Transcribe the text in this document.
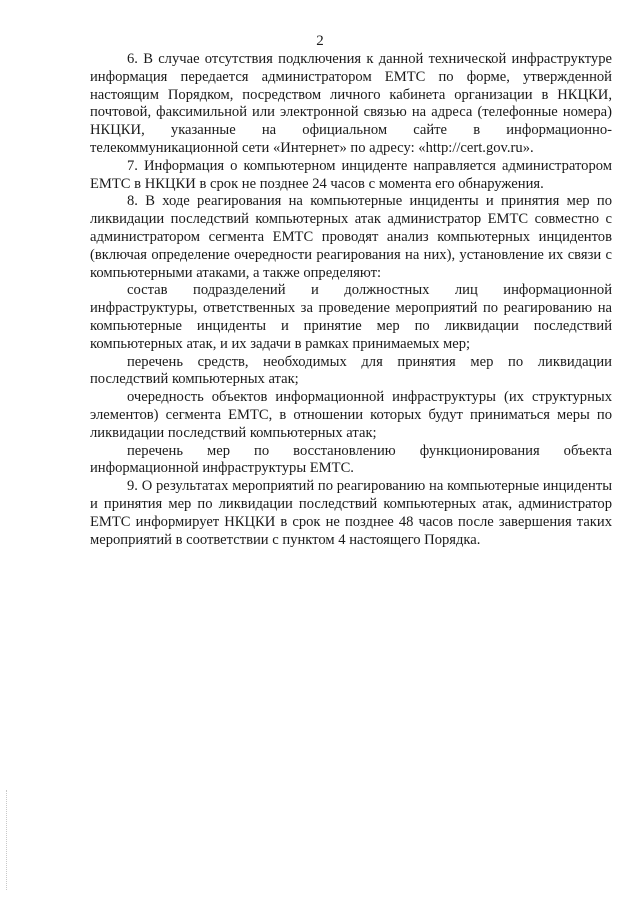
2

6. В случае отсутствия подключения к данной технической инфраструктуре информация передается администратором ЕМТС по форме, утвержденной настоящим Порядком, посредством личного кабинета организации в НКЦКИ, почтовой, факсимильной или электронной связью на адреса (телефонные номера) НКЦКИ, указанные на официальном сайте в информационно-телекоммуникационной сети «Интернет» по адресу: «http://cert.gov.ru».

7. Информация о компьютерном инциденте направляется администратором ЕМТС в НКЦКИ в срок не позднее 24 часов с момента его обнаружения.

8. В ходе реагирования на компьютерные инциденты и принятия мер по ликвидации последствий компьютерных атак администратор ЕМТС совместно с администратором сегмента ЕМТС проводят анализ компьютерных инцидентов (включая определение очередности реагирования на них), установление их связи с компьютерными атаками, а также определяют:

состав подразделений и должностных лиц информационной инфраструктуры, ответственных за проведение мероприятий по реагированию на компьютерные инциденты и принятие мер по ликвидации последствий компьютерных атак, и их задачи в рамках принимаемых мер;

перечень средств, необходимых для принятия мер по ликвидации последствий компьютерных атак;

очередность объектов информационной инфраструктуры (их структурных элементов) сегмента ЕМТС, в отношении которых будут приниматься меры по ликвидации последствий компьютерных атак;

перечень мер по восстановлению функционирования объекта информационной инфраструктуры ЕМТС.

9. О результатах мероприятий по реагированию на компьютерные инциденты и принятия мер по ликвидации последствий компьютерных атак, администратор ЕМТС информирует НКЦКИ в срок не позднее 48 часов после завершения таких мероприятий в соответствии с пунктом 4 настоящего Порядка.
